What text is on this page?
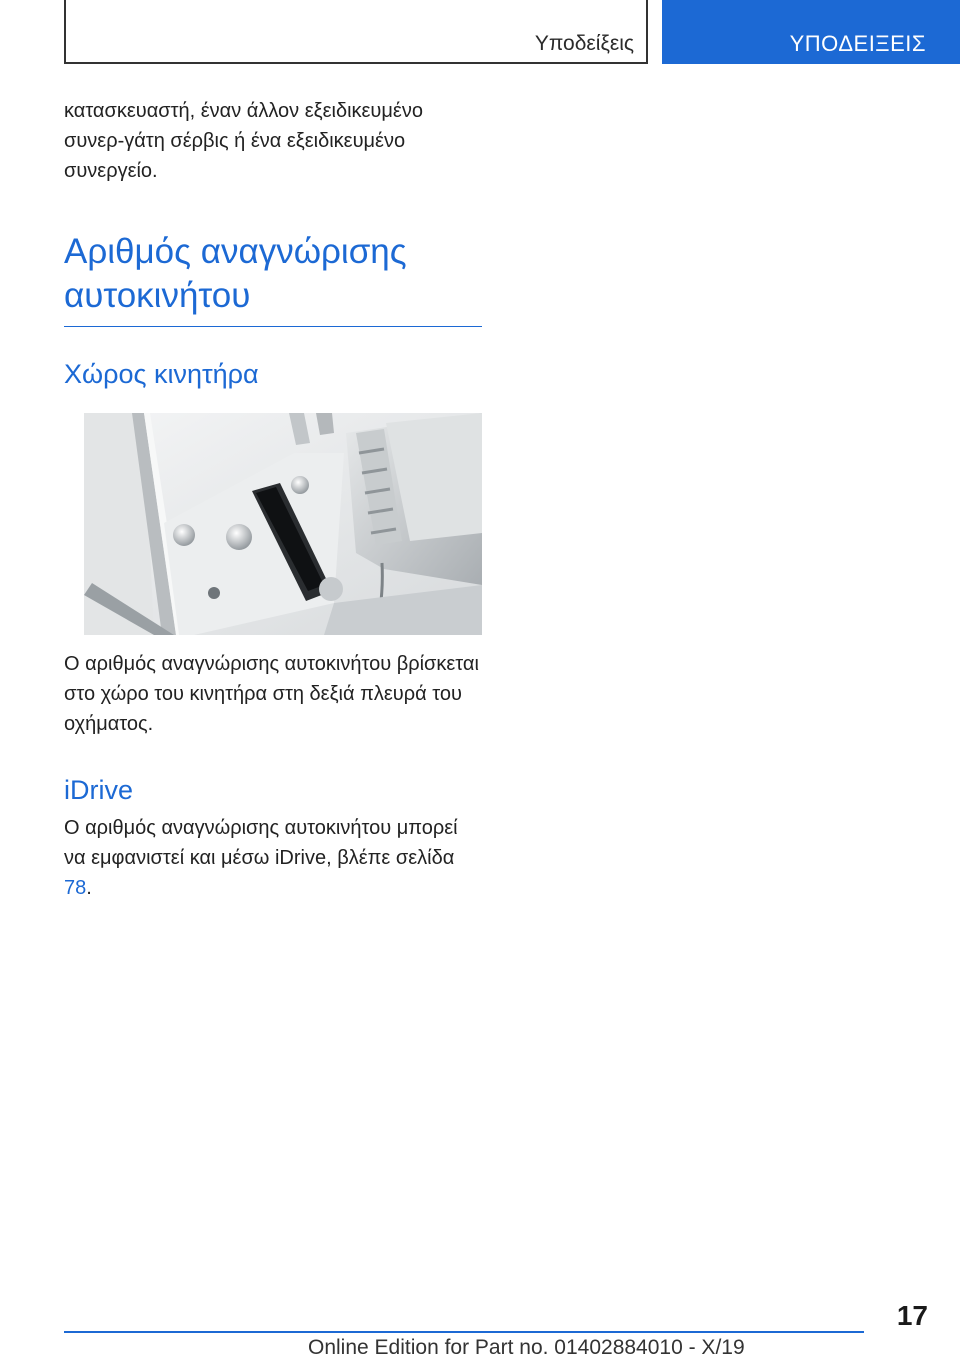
Υποδείξεις	ΥΠΟΔΕΙΞΕΙΣ

κατασκευαστή, έναν άλλον εξειδικευμένο συνερ-γάτη σέρβις ή ένα εξειδικευμένο συνεργείο.

Αριθμός αναγνώρισης αυτοκινήτου
Χώρος κινητήρα

Ο αριθμός αναγνώρισης αυτοκινήτου βρίσκεται στο χώρο του κινητήρα στη δεξιά πλευρά του οχήματος.

iDrive

Ο αριθμός αναγνώρισης αυτοκινήτου μπορεί να εμφανιστεί και μέσω iDrive, βλέπε σελίδα 78.

17
Online Edition for Part no. 01402884010 - X/19
